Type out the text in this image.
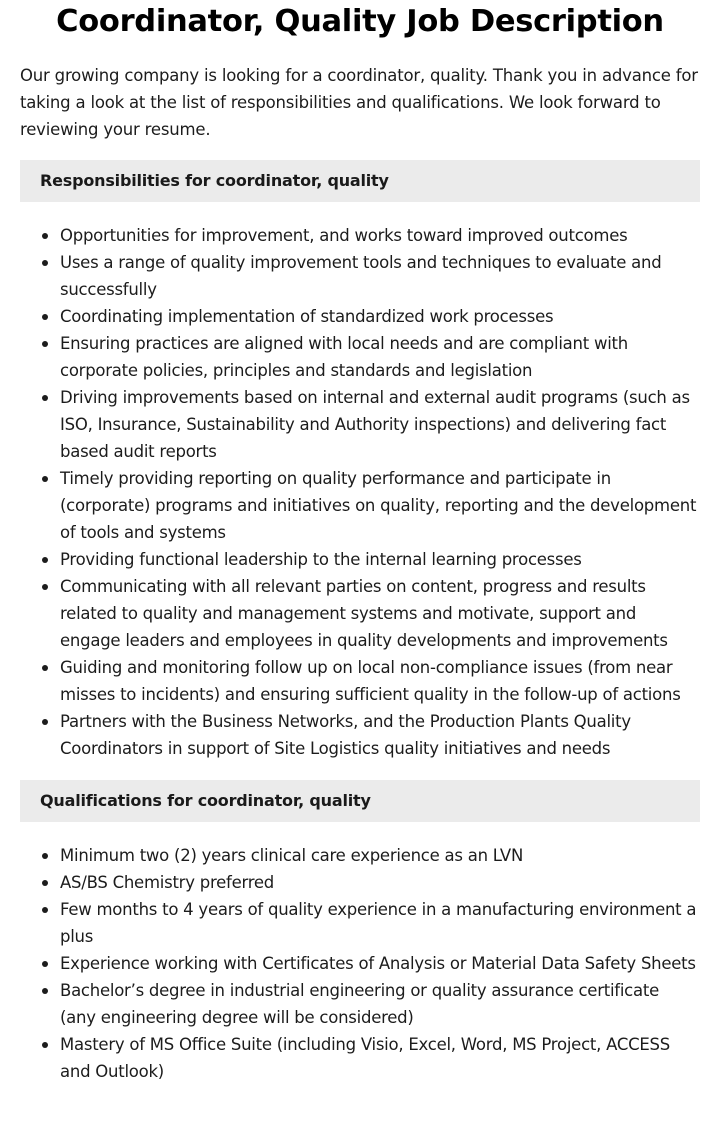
Coordinator, Quality Job Description

Our growing company is looking for a coordinator, quality. Thank you in advance for taking a look at the list of responsibilities and qualifications. We look forward to reviewing your resume.

Responsibilities for coordinator, quality
Opportunities for improvement, and works toward improved outcomes
Uses a range of quality improvement tools and techniques to evaluate and successfully
Coordinating implementation of standardized work processes
Ensuring practices are aligned with local needs and are compliant with corporate policies, principles and standards and legislation
Driving improvements based on internal and external audit programs (such as ISO, Insurance, Sustainability and Authority inspections) and delivering fact based audit reports
Timely providing reporting on quality performance and participate in (corporate) programs and initiatives on quality, reporting and the development of tools and systems
Providing functional leadership to the internal learning processes
Communicating with all relevant parties on content, progress and results related to quality and management systems and motivate, support and engage leaders and employees in quality developments and improvements
Guiding and monitoring follow up on local non-compliance issues (from near misses to incidents) and ensuring sufficient quality in the follow-up of actions
Partners with the Business Networks, and the Production Plants Quality Coordinators in support of Site Logistics quality initiatives and needs
Qualifications for coordinator, quality
Minimum two (2) years clinical care experience as an LVN
AS/BS Chemistry preferred
Few months to 4 years of quality experience in a manufacturing environment a plus
Experience working with Certificates of Analysis or Material Data Safety Sheets
Bachelor’s degree in industrial engineering or quality assurance certificate (any engineering degree will be considered)
Mastery of MS Office Suite (including Visio, Excel, Word, MS Project, ACCESS and Outlook)
